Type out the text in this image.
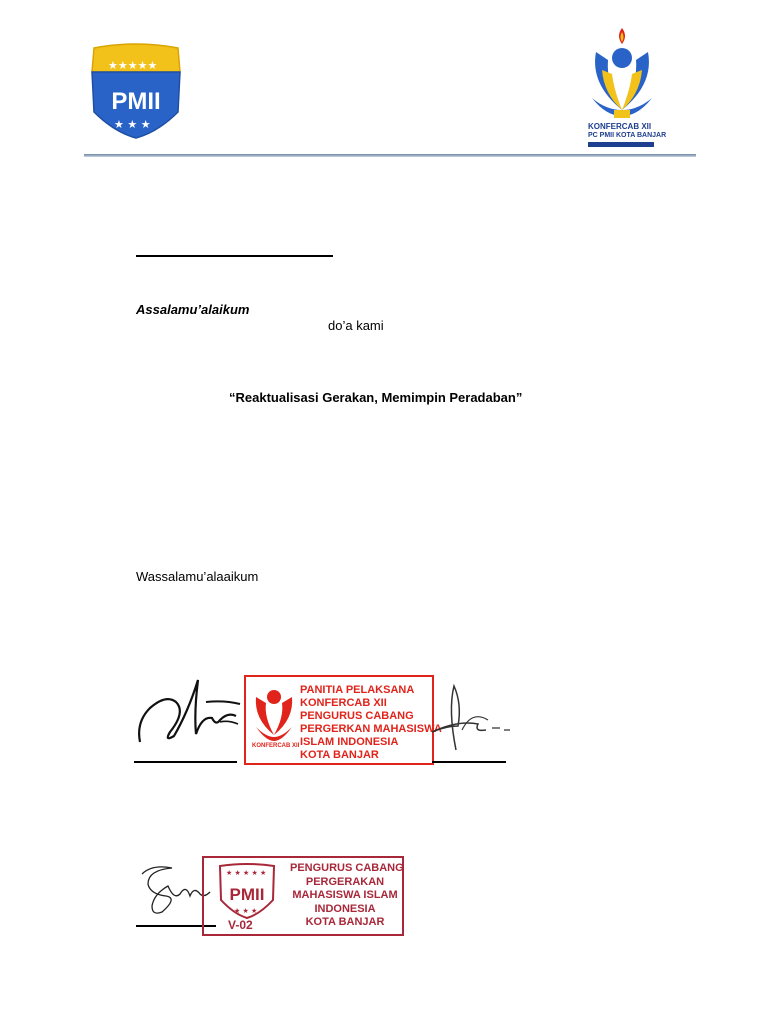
★★★★★
★ ★ ★
PMII
KONFERCAB XII
PC PMII KOTA BANJAR
Assalamu’alaikum
do’a kami
“Reaktualisasi Gerakan, Memimpin Peradaban”
Wassalamu’alaaikum
KONFERCAB XII
PANITIA PELAKSANA
KONFERCAB XII
PENGURUS CABANG
PERGERKAN MAHASISWA
ISLAM INDONESIA
KOTA BANJAR
★ ★ ★ ★ ★
★ ★ ★
PMII
V-02
PENGURUS CABANG
PERGERAKAN
MAHASISWA ISLAM
INDONESIA
KOTA BANJAR
